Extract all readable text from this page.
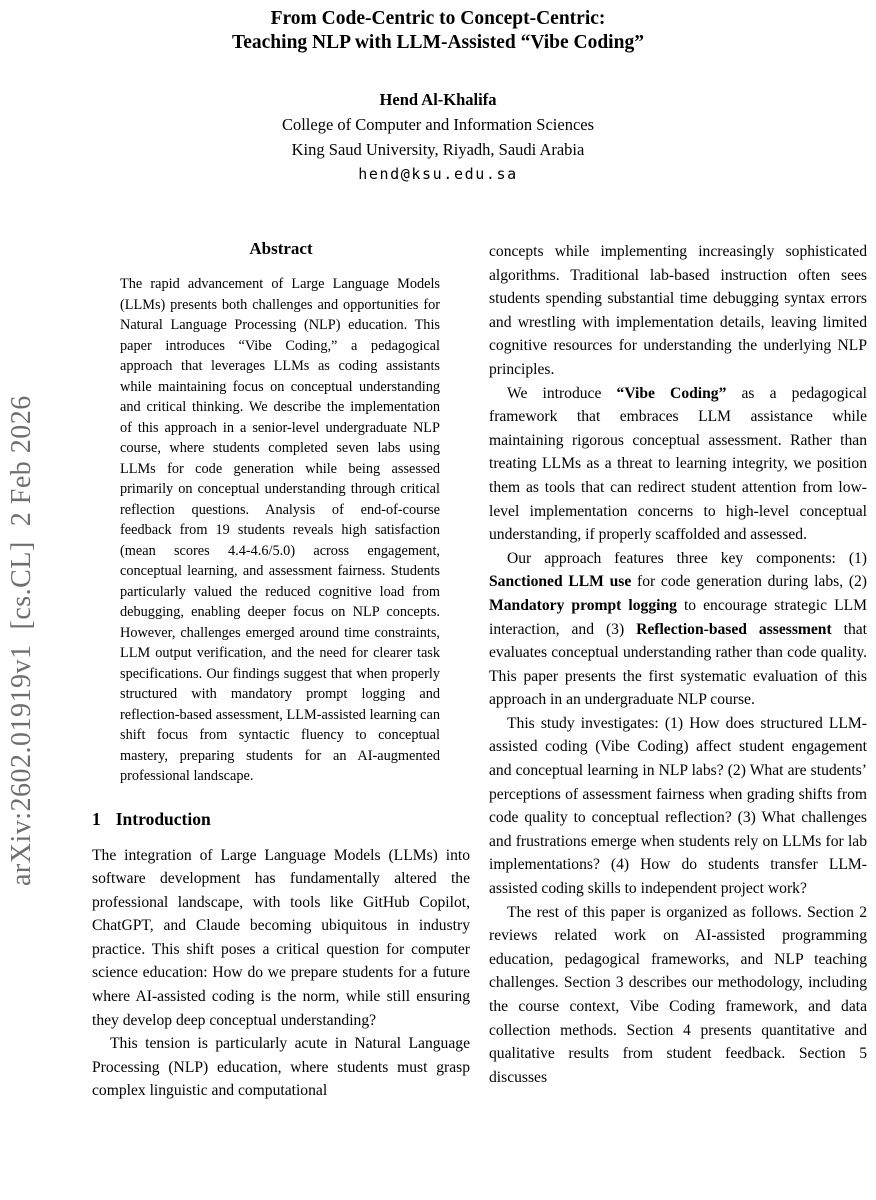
arXiv:2602.01919v1  [cs.CL]  2 Feb 2026
From Code-Centric to Concept-Centric:
Teaching NLP with LLM-Assisted “Vibe Coding”
Hend Al-Khalifa
College of Computer and Information Sciences
King Saud University, Riyadh, Saudi Arabia
hend@ksu.edu.sa
Abstract

The rapid advancement of Large Language Models (LLMs) presents both challenges and opportunities for Natural Language Processing (NLP) education. This paper introduces “Vibe Coding,” a pedagogical approach that leverages LLMs as coding assistants while maintaining focus on conceptual understanding and critical thinking. We describe the implementation of this approach in a senior-level undergraduate NLP course, where students completed seven labs using LLMs for code generation while being assessed primarily on conceptual understanding through critical reflection questions. Analysis of end-of-course feedback from 19 students reveals high satisfaction (mean scores 4.4-4.6/5.0) across engagement, conceptual learning, and assessment fairness. Students particularly valued the reduced cognitive load from debugging, enabling deeper focus on NLP concepts. However, challenges emerged around time constraints, LLM output verification, and the need for clearer task specifications. Our findings suggest that when properly structured with mandatory prompt logging and reflection-based assessment, LLM-assisted learning can shift focus from syntactic fluency to conceptual mastery, preparing students for an AI-augmented professional landscape.

1 Introduction

The integration of Large Language Models (LLMs) into software development has fundamentally altered the professional landscape, with tools like GitHub Copilot, ChatGPT, and Claude becoming ubiquitous in industry practice. This shift poses a critical question for computer science education: How do we prepare students for a future where AI-assisted coding is the norm, while still ensuring they develop deep conceptual understanding?

This tension is particularly acute in Natural Language Processing (NLP) education, where students must grasp complex linguistic and computational

concepts while implementing increasingly sophisticated algorithms. Traditional lab-based instruction often sees students spending substantial time debugging syntax errors and wrestling with implementation details, leaving limited cognitive resources for understanding the underlying NLP principles.

We introduce “Vibe Coding” as a pedagogical framework that embraces LLM assistance while maintaining rigorous conceptual assessment. Rather than treating LLMs as a threat to learning integrity, we position them as tools that can redirect student attention from low-level implementation concerns to high-level conceptual understanding, if properly scaffolded and assessed.

Our approach features three key components: (1) Sanctioned LLM use for code generation during labs, (2) Mandatory prompt logging to encourage strategic LLM interaction, and (3) Reflection-based assessment that evaluates conceptual understanding rather than code quality. This paper presents the first systematic evaluation of this approach in an undergraduate NLP course.

This study investigates: (1) How does structured LLM-assisted coding (Vibe Coding) affect student engagement and conceptual learning in NLP labs? (2) What are students’ perceptions of assessment fairness when grading shifts from code quality to conceptual reflection? (3) What challenges and frustrations emerge when students rely on LLMs for lab implementations? (4) How do students transfer LLM-assisted coding skills to independent project work?

The rest of this paper is organized as follows. Section 2 reviews related work on AI-assisted programming education, pedagogical frameworks, and NLP teaching challenges. Section 3 describes our methodology, including the course context, Vibe Coding framework, and data collection methods. Section 4 presents quantitative and qualitative results from student feedback. Section 5 discusses
